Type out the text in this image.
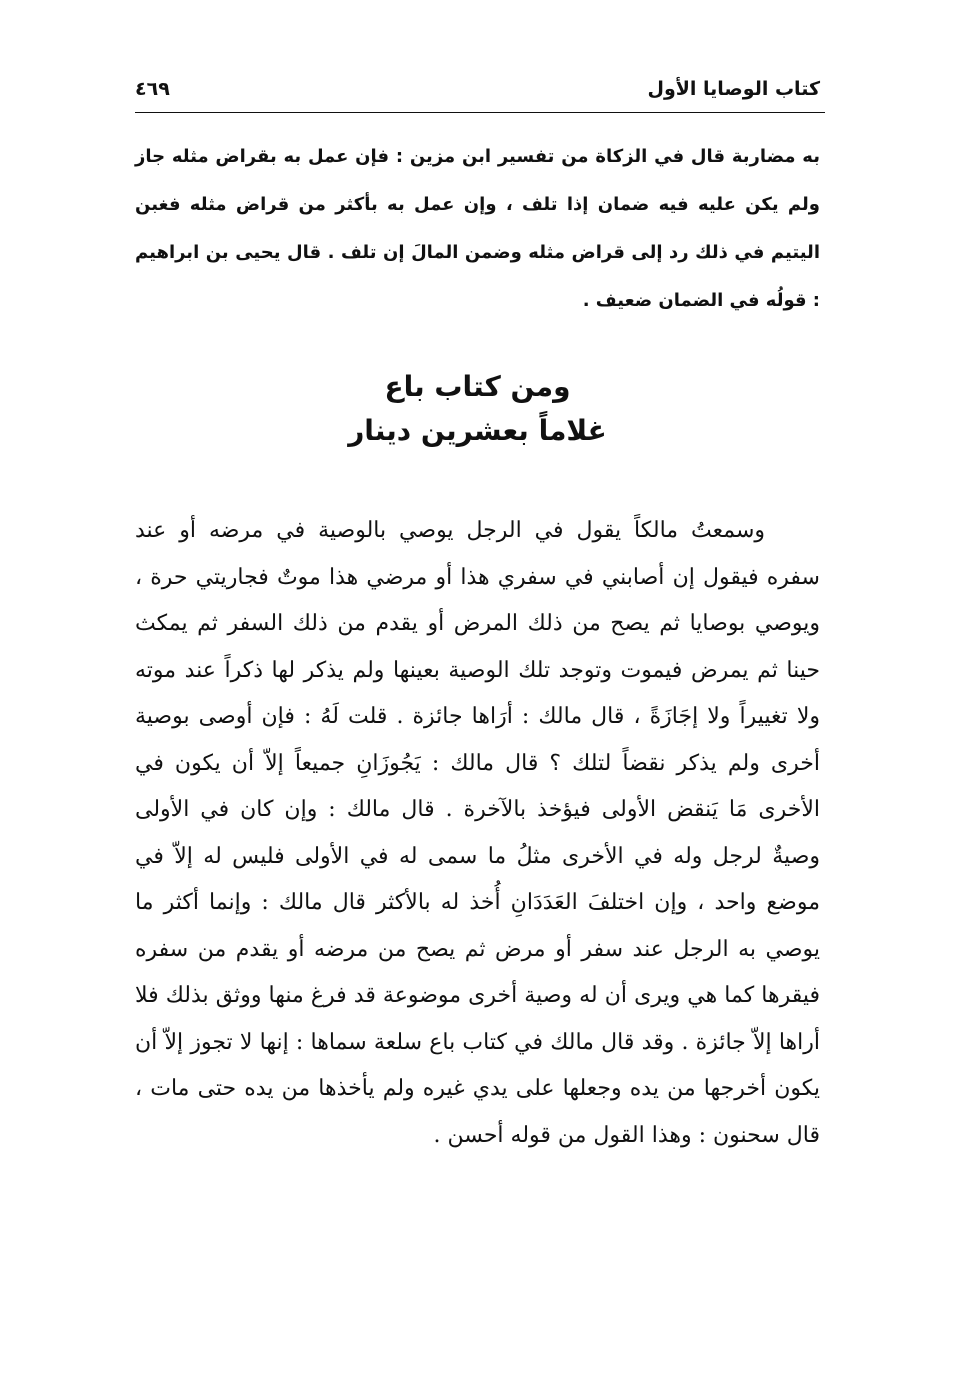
كتاب الوصايا الأول
٤٦٩

به مضاربة قال في الزكاة من تفسير ابن مزين : فإن عمل به بقراض مثله جاز ولم يكن عليه فيه ضمان إذا تلف ، وإن عمل به بأكثر من قراض مثله فغبن اليتيم في ذلك رد إلى قراض مثله وضمن المالَ إن تلف . قال يحيى بن ابراهيم : قولُه في الضمان ضعيف .

ومن كتاب باع
غلاماً بعشرين دينار

وسمعتُ مالكاً يقول في الرجل يوصي بالوصية في مرضه أو عند سفره فيقول إن أصابني في سفري هذا أو مرضي هذا موتٌ فجاريتي حرة ، ويوصي بوصايا ثم يصح من ذلك المرض أو يقدم من ذلك السفر ثم يمكث حينا ثم يمرض فيموت وتوجد تلك الوصية بعينها ولم يذكر لها ذكراً عند موته ولا تغييراً ولا إجَازَةً ، قال مالك : أرَاها جائزة . قلت لَهُ : فإن أوصى بوصية أخرى ولم يذكر نقضاً لتلك ؟ قال مالك : يَجُوزَانِ جميعاً إلاّ أن يكون في الأخرى مَا يَنقض الأولى فيؤخذ بالآخرة . قال مالك : وإن كان في الأولى وصيةٌ لرجل وله في الأخرى مثلُ ما سمى له في الأولى فليس له إلاّ في موضع واحد ، وإن اختلفَ العَدَدَانِ أُخذ له بالأكثر قال مالك : وإنما أكثر ما يوصي به الرجل عند سفر أو مرض ثم يصح من مرضه أو يقدم من سفره فيقرها كما هي ويرى أن له وصية أخرى موضوعة قد فرغ منها ووثق بذلك فلا أراها إلاّ جائزة . وقد قال مالك في كتاب باع سلعة سماها : إنها لا تجوز إلاّ أن يكون أخرجها من يده وجعلها على يدي غيره ولم يأخذها من يده حتى مات ، قال سحنون : وهذا القول من قوله أحسن .
